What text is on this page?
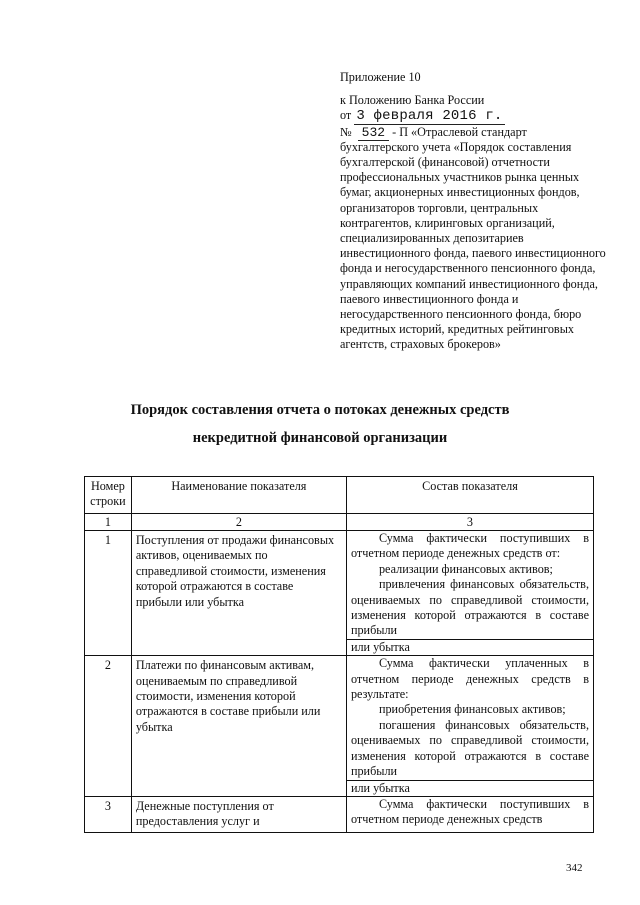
Приложение 10
к Положению Банка России
от 3 февраля 2016 г.
№ 532 - П «Отраслевой стандарт
бухгалтерского учета «Порядок составления бухгалтерской (финансовой) отчетности профессиональных участников рынка ценных бумаг, акционерных инвестиционных фондов, организаторов торговли, центральных контрагентов, клиринговых организаций, специализированных депозитариев инвестиционного фонда, паевого инвестиционного фонда и негосударственного пенсионного фонда, управляющих компаний инвестиционного фонда, паевого инвестиционного фонда и негосударственного пенсионного фонда, бюро кредитных историй, кредитных рейтинговых агентств, страховых брокеров»
Порядок составления отчета о потоках денежных средств
некредитной финансовой организации
Номер строки	Наименование показателя	Состав показателя
1	2	3
1	Поступления от продажи финансовых активов, оцениваемых по справедливой стоимости, изменения которой отражаются в составе прибыли или убытка	Сумма фактически поступивших в отчетном периоде денежных средств от:

реализации финансовых активов;

привлечения финансовых обязательств, оцениваемых по справедливой стоимости, изменения которой отражаются в составе прибыли

или убытка

2	Платежи по финансовым активам, оцениваемым по справедливой стоимости, изменения которой отражаются в составе прибыли или убытка	Сумма фактически уплаченных в отчетном периоде денежных средств в результате:

приобретения финансовых активов;

погашения финансовых обязательств, оцениваемых по справедливой стоимости, изменения которой отражаются в составе прибыли

или убытка

3	Денежные поступления от предоставления услуг и	Сумма фактически поступивших в отчетном периоде денежных средств

342
